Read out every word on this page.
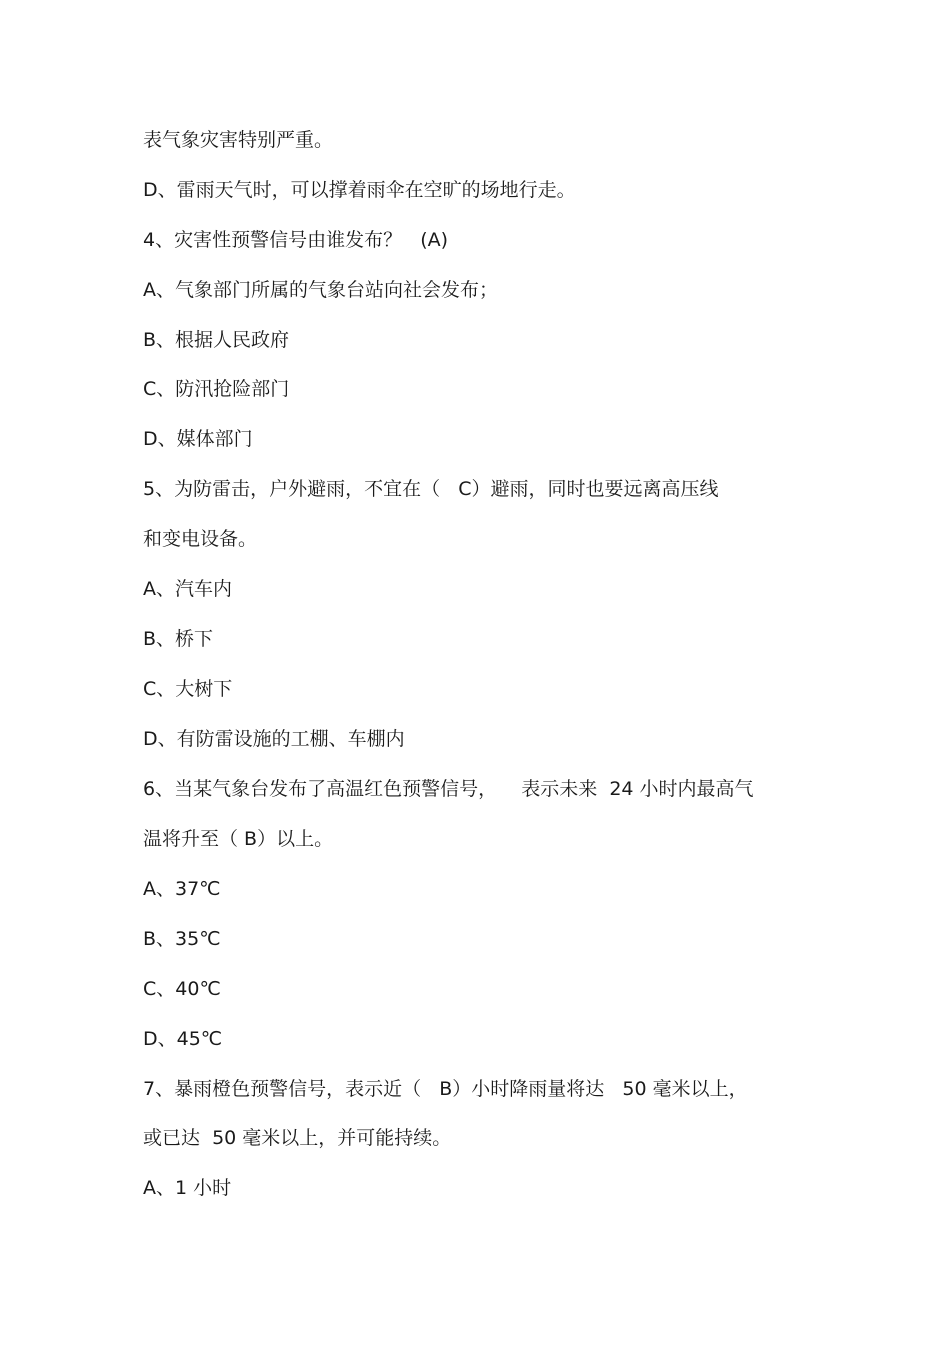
表气象灾害特别严重。

D、雷雨天气时，可以撑着雨伞在空旷的场地行走。

4、灾害性预警信号由谁发布？   (A)

A、气象部门所属的气象台站向社会发布；

B、根据人民政府

C、防汛抢险部门

D、媒体部门

5、为防雷击，户外避雨，不宜在（   C）避雨，同时也要远离高压线

和变电设备。

A、汽车内

B、桥下

C、大树下

D、有防雷设施的工棚、车棚内

6、当某气象台发布了高温红色预警信号，    表示未来  24 小时内最高气

温将升至（ B）以上。

A、37℃

B、35℃

C、40℃

D、45℃

7、暴雨橙色预警信号，表示近（   B）小时降雨量将达   50 毫米以上，

或已达  50 毫米以上，并可能持续。

A、1 小时
